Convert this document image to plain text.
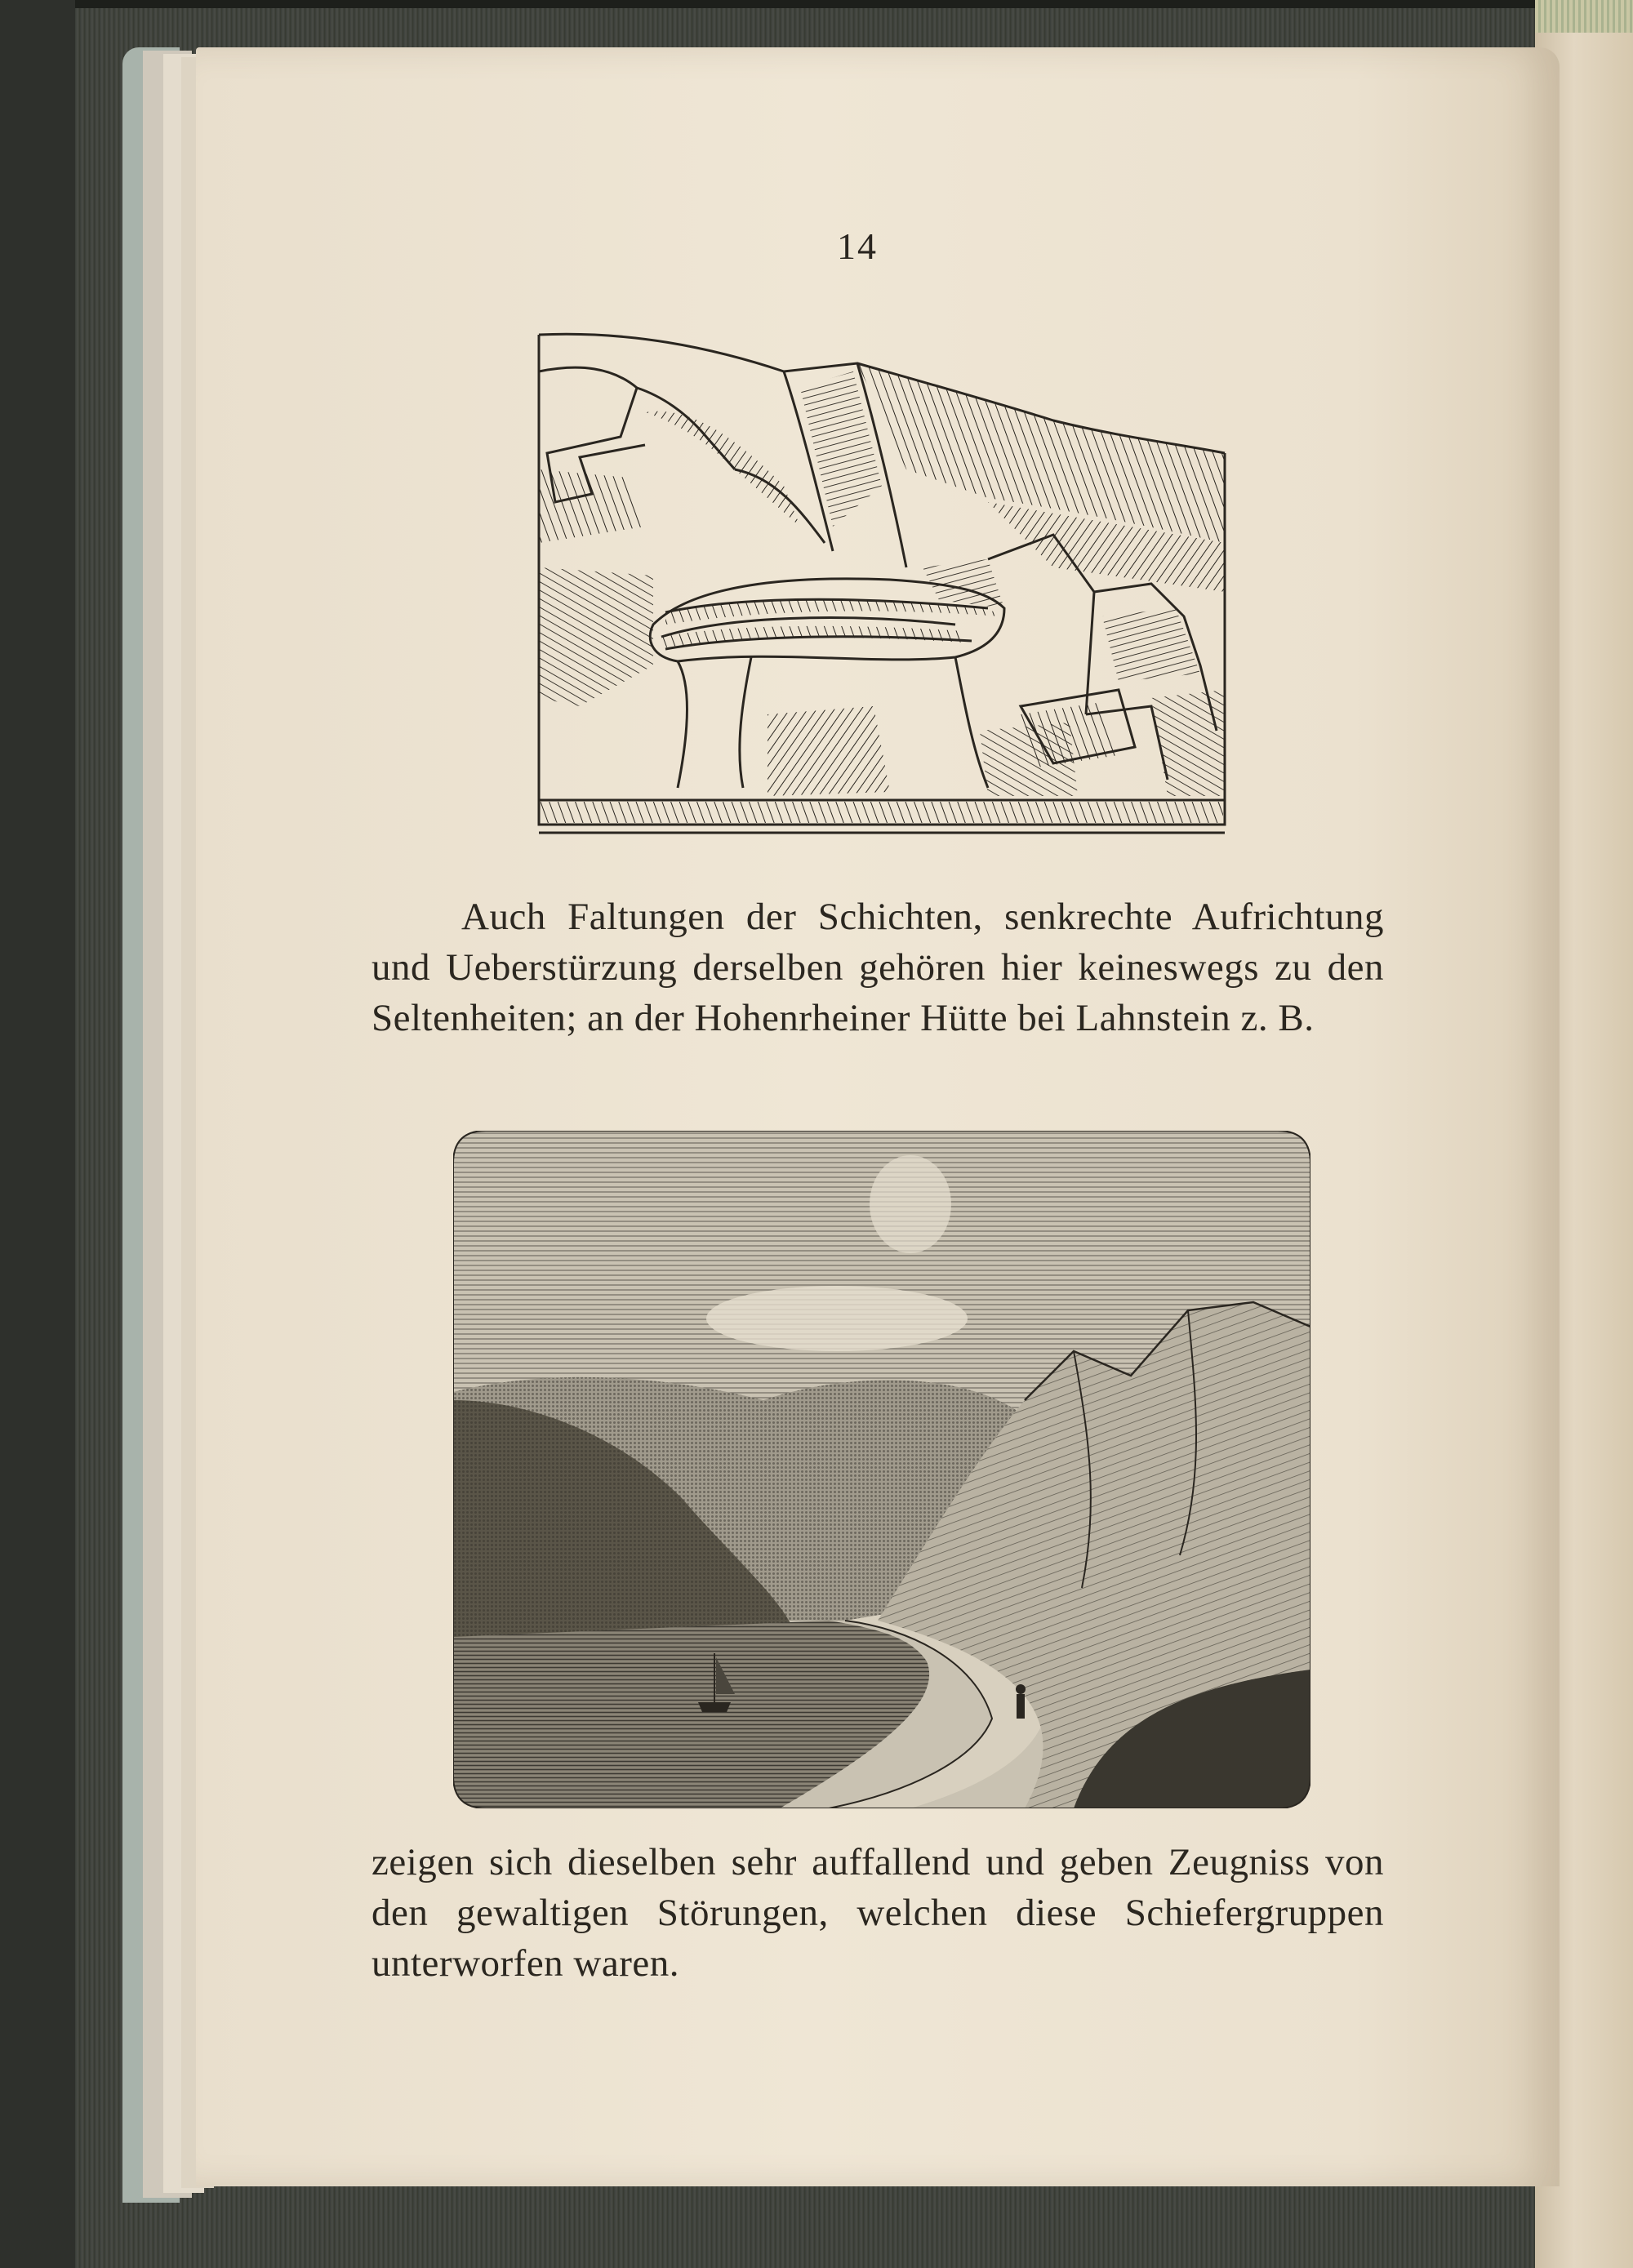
14
Auch Faltungen der Schichten, senkrechte Aufrichtung und Ueberstürzung derselben gehören hier keineswegs zu den Seltenheiten; an der Hohenrheiner Hütte bei Lahnstein z. B.
zeigen sich dieselben sehr auffallend und geben Zeugniss von den gewaltigen Störungen, welchen diese Schiefergruppen unterworfen waren.
